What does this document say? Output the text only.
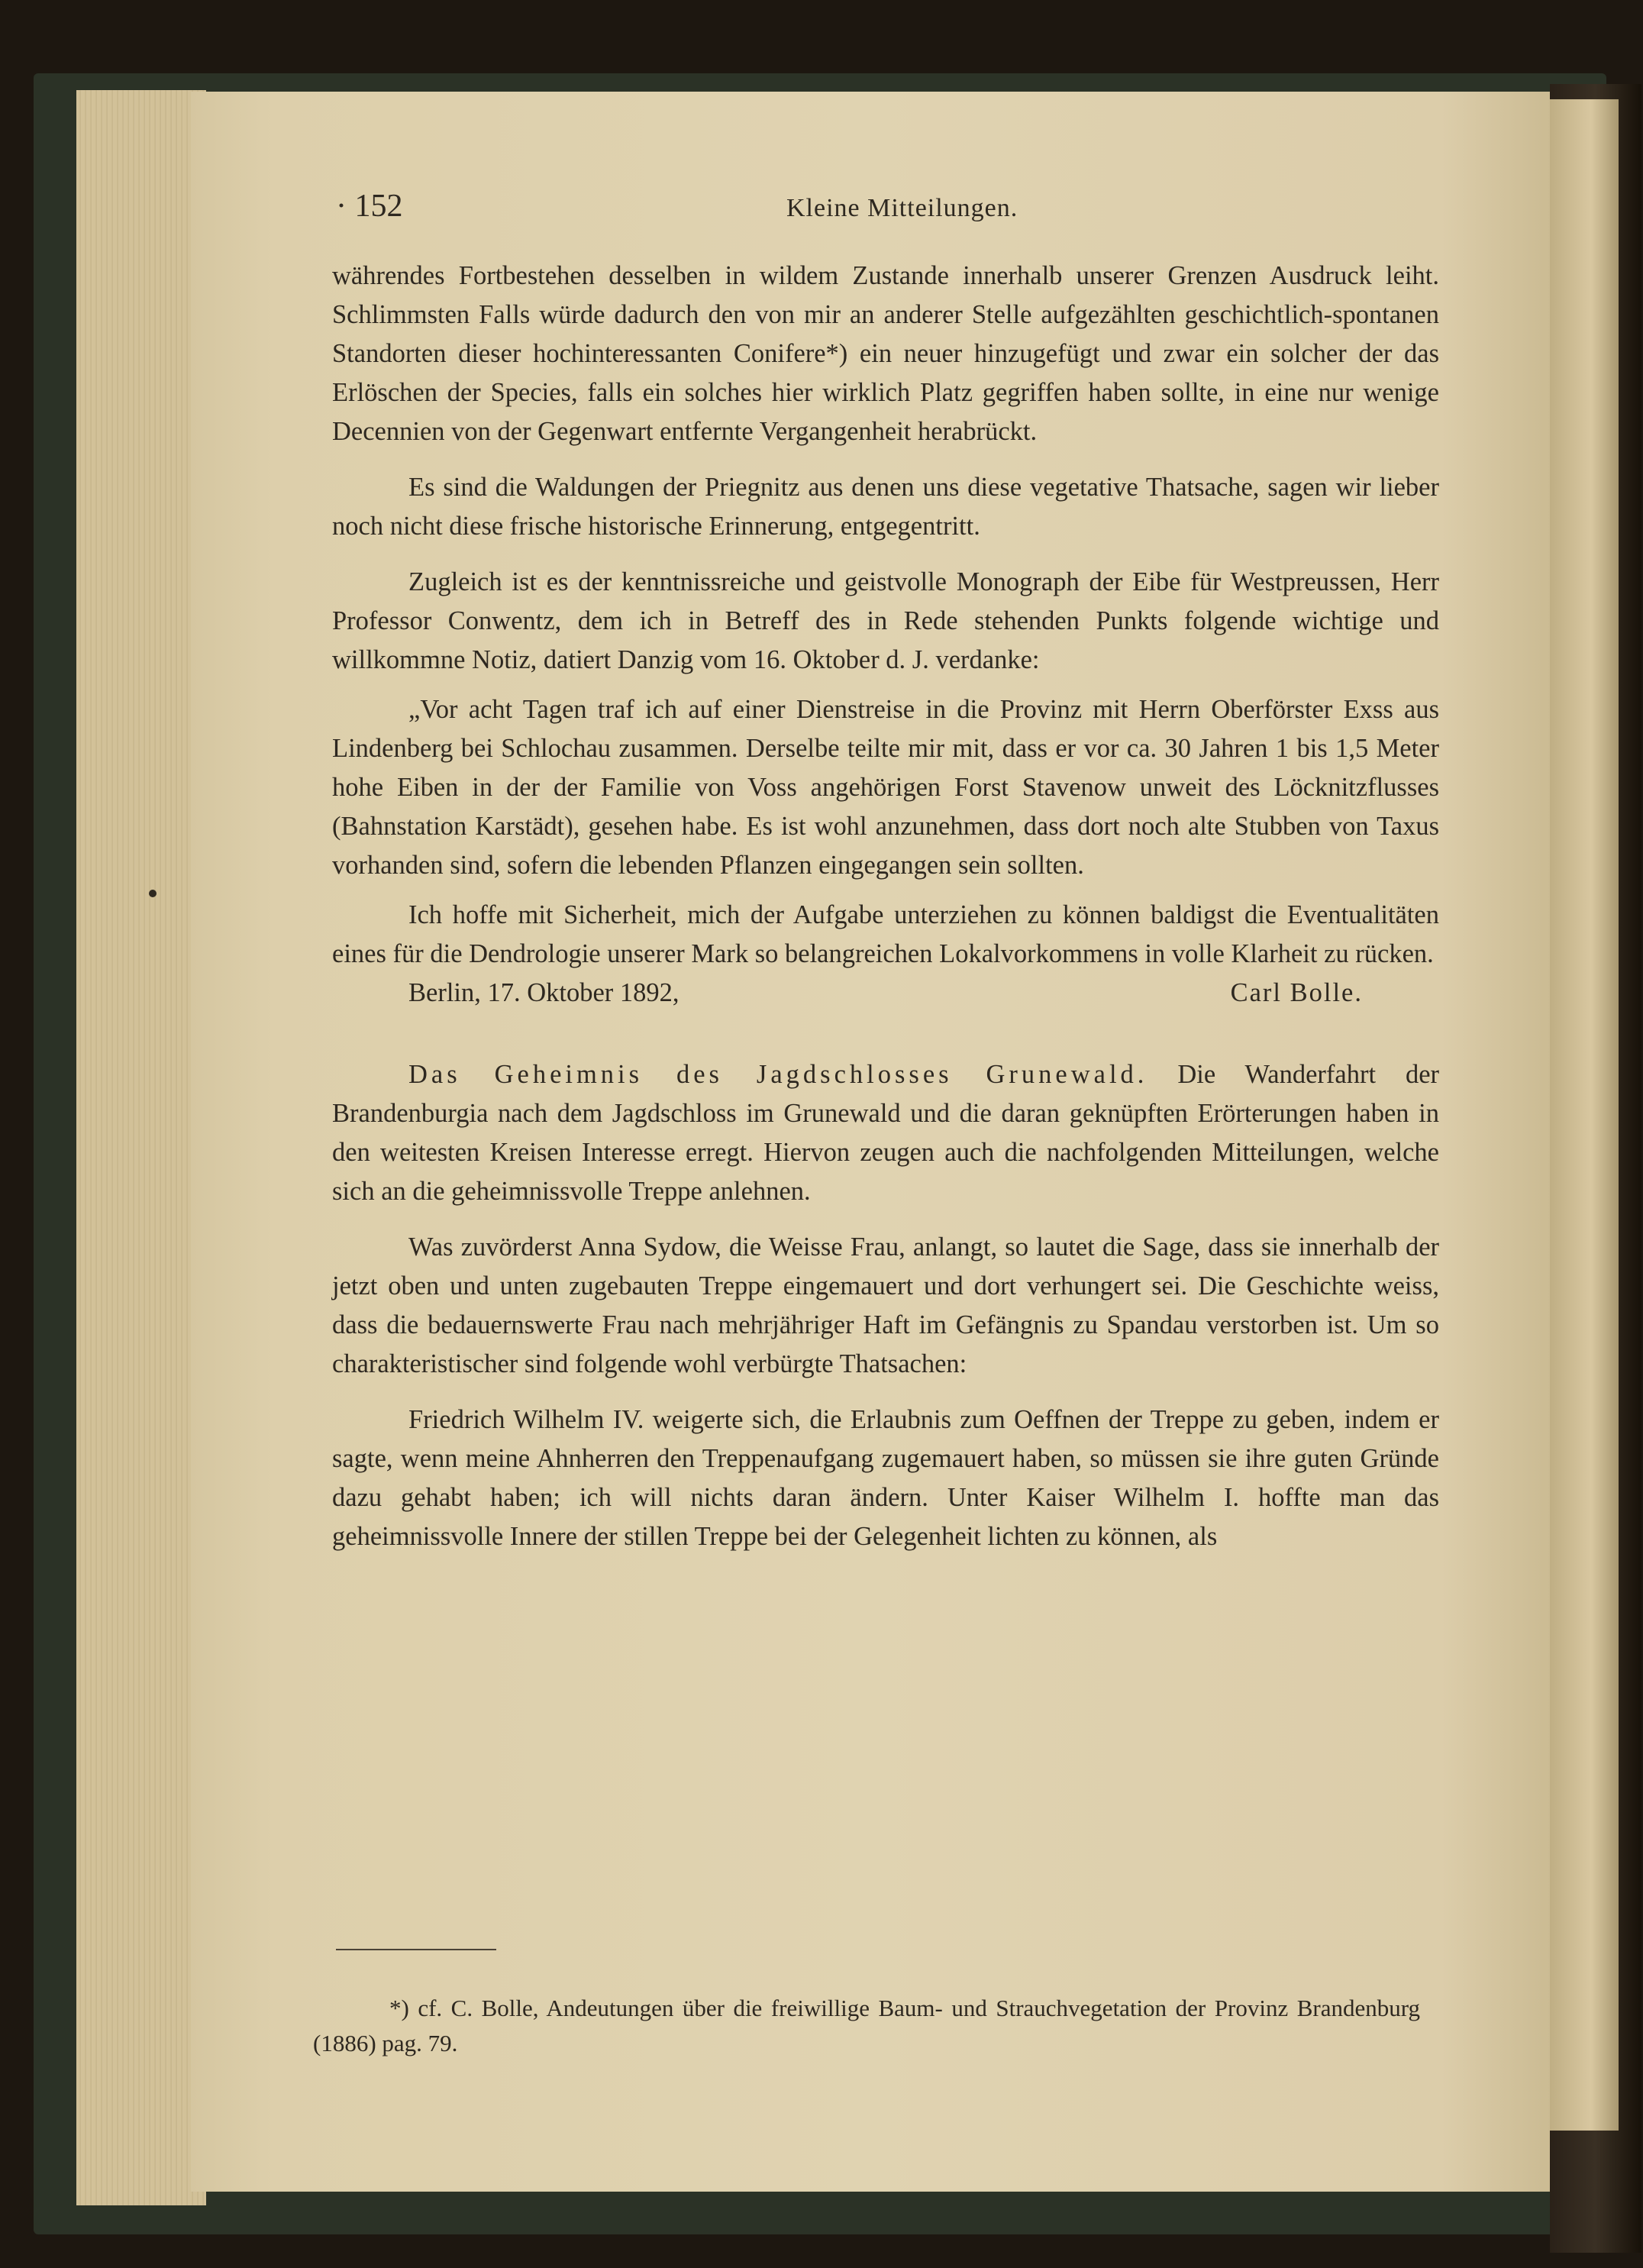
· 152	Kleine Mitteilungen.

währendes Fortbestehen desselben in wildem Zustande innerhalb unserer Grenzen Ausdruck leiht. Schlimmsten Falls würde dadurch den von mir an anderer Stelle aufgezählten geschichtlich-spontanen Standorten dieser hochinteressanten Conifere*) ein neuer hinzugefügt und zwar ein solcher der das Erlöschen der Species, falls ein solches hier wirklich Platz gegriffen haben sollte, in eine nur wenige Decennien von der Gegenwart entfernte Vergangenheit herabrückt.

Es sind die Waldungen der Priegnitz aus denen uns diese vegetative Thatsache, sagen wir lieber noch nicht diese frische historische Erinnerung, entgegentritt.

Zugleich ist es der kenntnissreiche und geistvolle Monograph der Eibe für Westpreussen, Herr Professor Conwentz, dem ich in Betreff des in Rede stehenden Punkts folgende wichtige und willkommne Notiz, datiert Danzig vom 16. Oktober d. J. verdanke:

„Vor acht Tagen traf ich auf einer Dienstreise in die Provinz mit Herrn Oberförster Exss aus Lindenberg bei Schlochau zusammen. Derselbe teilte mir mit, dass er vor ca. 30 Jahren 1 bis 1,5 Meter hohe Eiben in der der Familie von Voss angehörigen Forst Stavenow unweit des Löcknitzflusses (Bahnstation Karstädt), gesehen habe. Es ist wohl anzunehmen, dass dort noch alte Stubben von Taxus vorhanden sind, sofern die lebenden Pflanzen eingegangen sein sollten.

Ich hoffe mit Sicherheit, mich der Aufgabe unterziehen zu können baldigst die Eventualitäten eines für die Dendrologie unserer Mark so belangreichen Lokalvorkommens in volle Klarheit zu rücken.

Berlin, 17. Oktober 1892,	Carl Bolle.

Das Geheimnis des Jagdschlosses Grunewald. Die Wanderfahrt der Brandenburgia nach dem Jagdschloss im Grunewald und die daran geknüpften Erörterungen haben in den weitesten Kreisen Interesse erregt. Hiervon zeugen auch die nachfolgenden Mitteilungen, welche sich an die geheimnissvolle Treppe anlehnen.

Was zuvörderst Anna Sydow, die Weisse Frau, anlangt, so lautet die Sage, dass sie innerhalb der jetzt oben und unten zugebauten Treppe eingemauert und dort verhungert sei. Die Geschichte weiss, dass die bedauernswerte Frau nach mehrjähriger Haft im Gefängnis zu Spandau verstorben ist. Um so charakteristischer sind folgende wohl verbürgte Thatsachen:

Friedrich Wilhelm IV. weigerte sich, die Erlaubnis zum Oeffnen der Treppe zu geben, indem er sagte, wenn meine Ahnherren den Treppenaufgang zugemauert haben, so müssen sie ihre guten Gründe dazu gehabt haben; ich will nichts daran ändern. Unter Kaiser Wilhelm I. hoffte man das geheimnissvolle Innere der stillen Treppe bei der Gelegenheit lichten zu können, als

*) cf. C. Bolle, Andeutungen über die freiwillige Baum- und Strauchvegetation der Provinz Brandenburg (1886) pag. 79.
